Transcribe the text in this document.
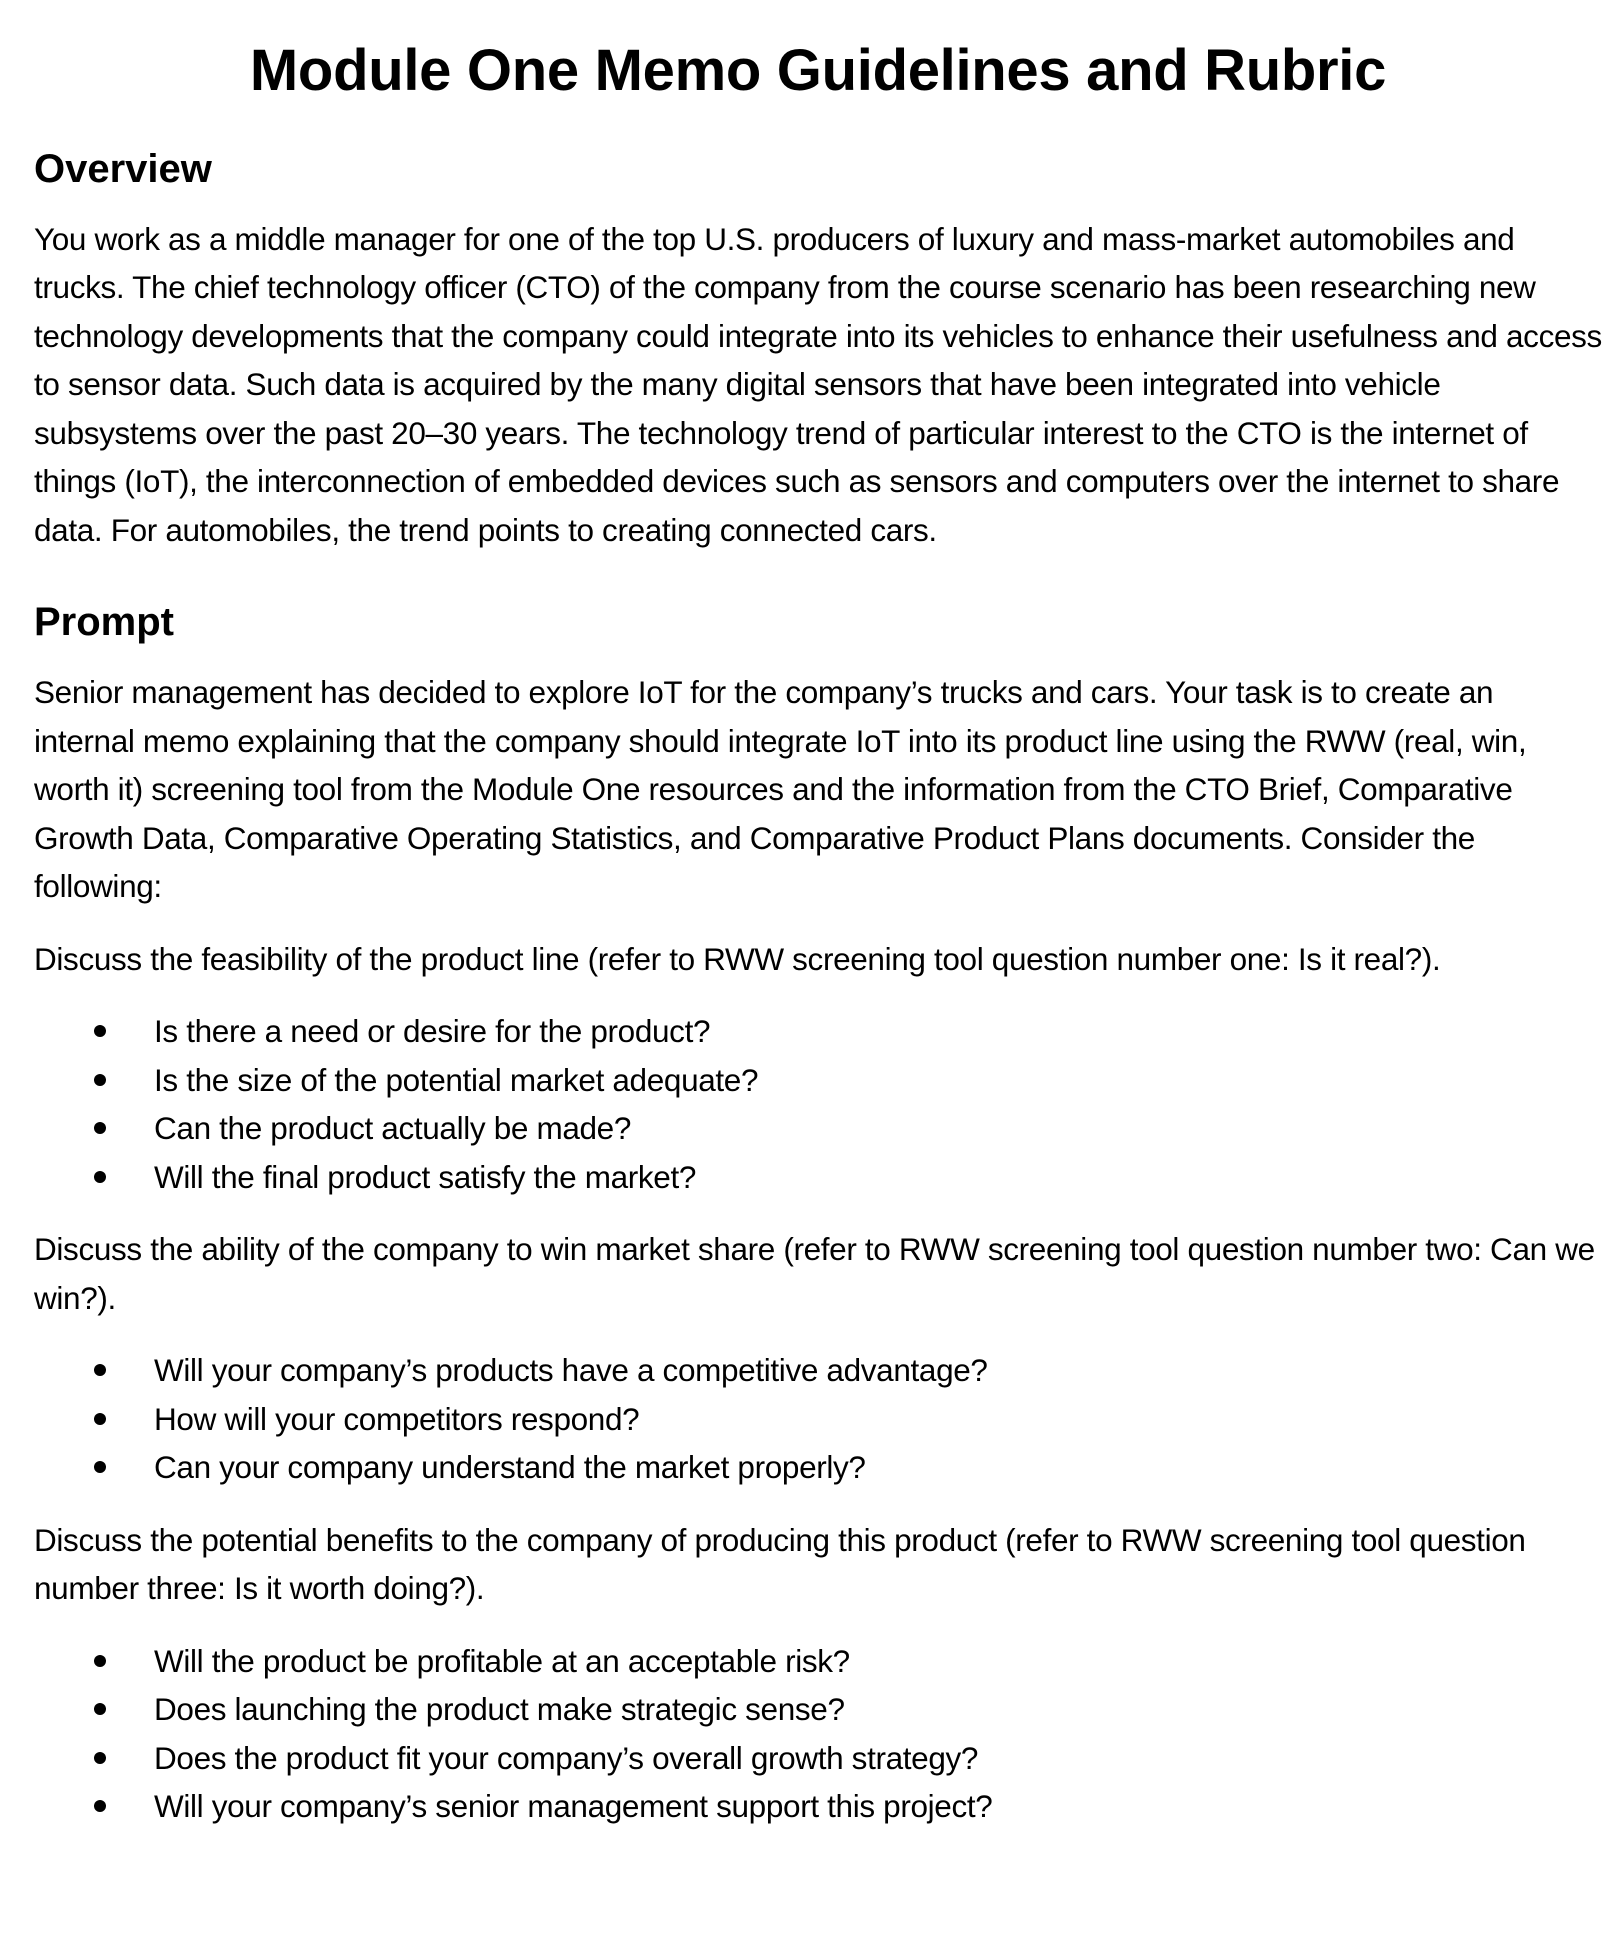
Module One Memo Guidelines and Rubric
Overview

You work as a middle manager for one of the top U.S. producers of luxury and mass-market automobiles and trucks. The chief technology officer (CTO) of the company from the course scenario has been researching new technology developments that the company could integrate into its vehicles to enhance their usefulness and access to sensor data. Such data is acquired by the many digital sensors that have been integrated into vehicle subsystems over the past 20–30 years. The technology trend of particular interest to the CTO is the internet of things (IoT), the interconnection of embedded devices such as sensors and computers over the internet to share data. For automobiles, the trend points to creating connected cars.

Prompt

Senior management has decided to explore IoT for the company’s trucks and cars. Your task is to create an internal memo explaining that the company should integrate IoT into its product line using the RWW (real, win, worth it) screening tool from the Module One resources and the information from the CTO Brief, Comparative Growth Data, Comparative Operating Statistics, and Comparative Product Plans documents. Consider the following:

Discuss the feasibility of the product line (refer to RWW screening tool question number one: Is it real?).

Is there a need or desire for the product?
Is the size of the potential market adequate?
Can the product actually be made?
Will the final product satisfy the market?

Discuss the ability of the company to win market share (refer to RWW screening tool question number two: Can we win?).

Will your company’s products have a competitive advantage?
How will your competitors respond?
Can your company understand the market properly?

Discuss the potential benefits to the company of producing this product (refer to RWW screening tool question number three: Is it worth doing?).

Will the product be profitable at an acceptable risk?
Does launching the product make strategic sense?
Does the product fit your company’s overall growth strategy?
Will your company’s senior management support this project?
